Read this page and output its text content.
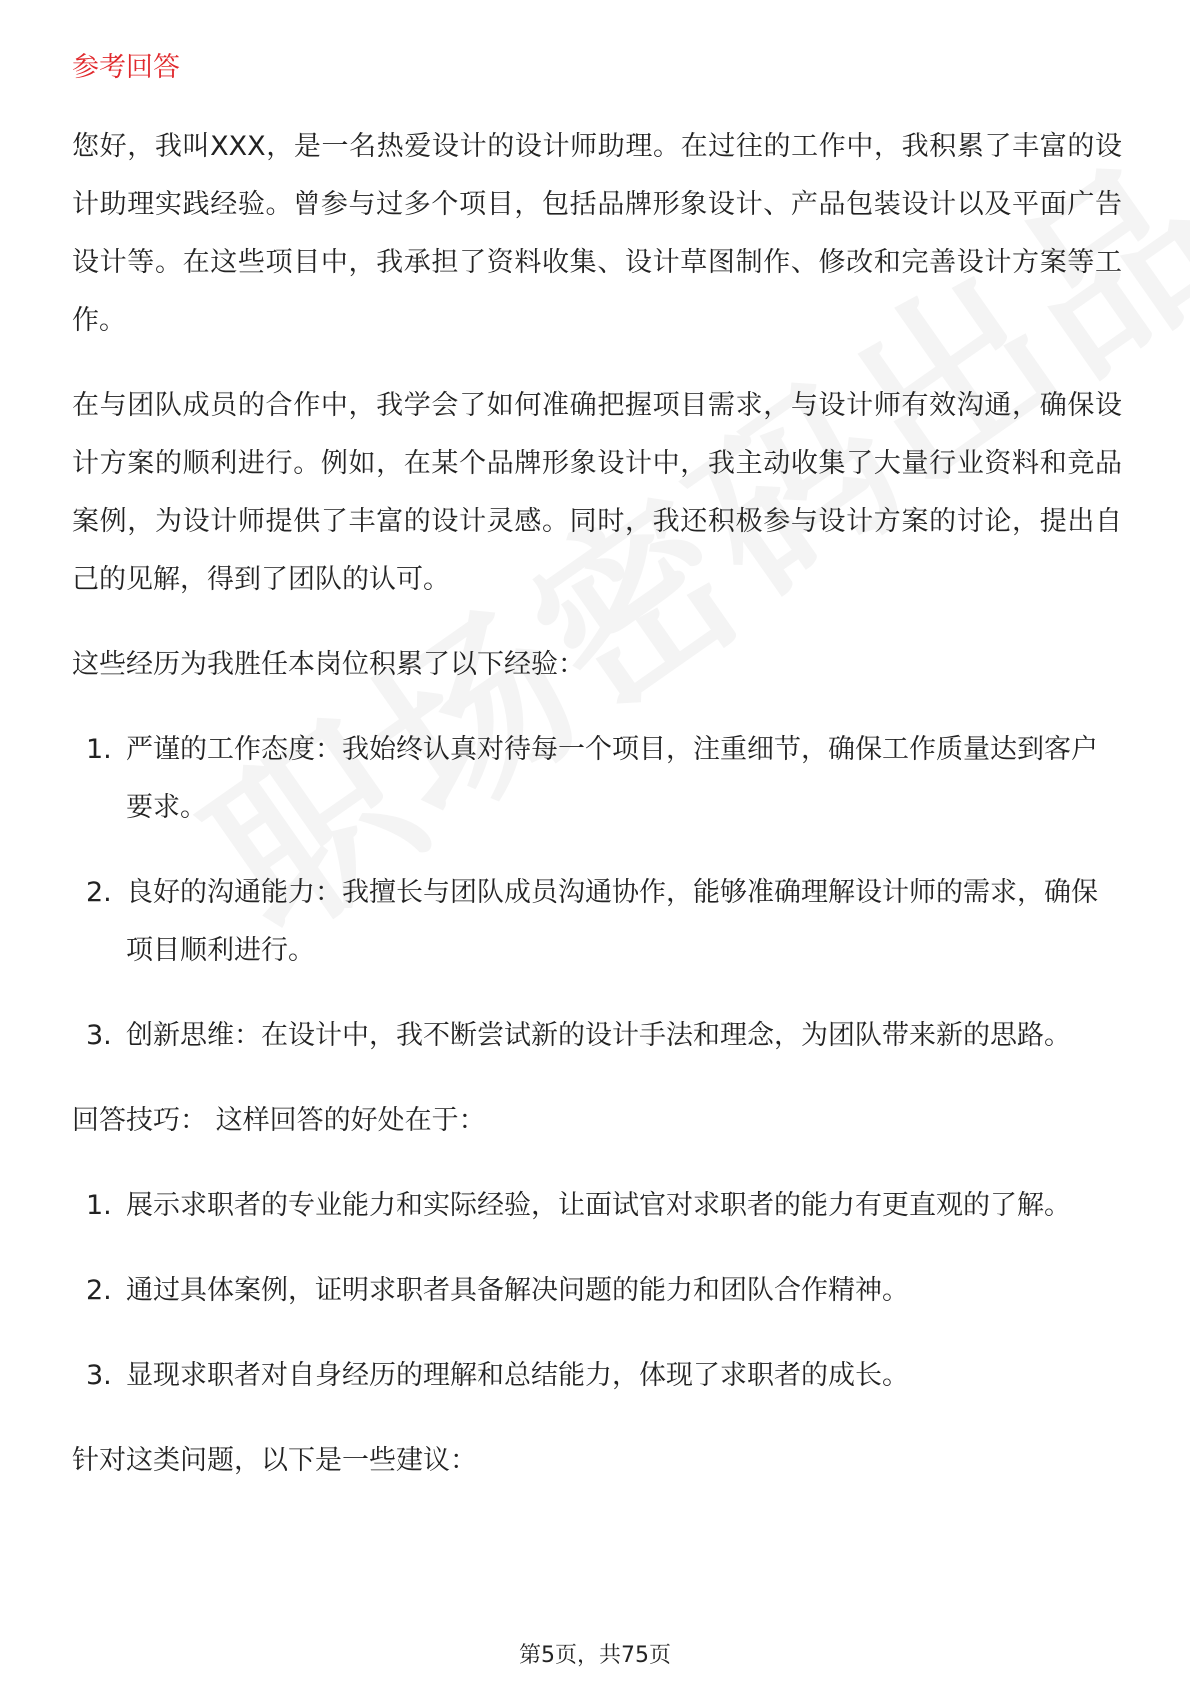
参考回答

您好，我叫XXX，是一名热爱设计的设计师助理。在过往的工作中，我积累了丰富的设计助理实践经验。曾参与过多个项目，包括品牌形象设计、产品包装设计以及平面广告设计等。在这些项目中，我承担了资料收集、设计草图制作、修改和完善设计方案等工作。

在与团队成员的合作中，我学会了如何准确把握项目需求，与设计师有效沟通，确保设计方案的顺利进行。例如，在某个品牌形象设计中，我主动收集了大量行业资料和竞品案例，为设计师提供了丰富的设计灵感。同时，我还积极参与设计方案的讨论，提出自己的见解，得到了团队的认可。

这些经历为我胜任本岗位积累了以下经验：

1. 严谨的工作态度：我始终认真对待每一个项目，注重细节，确保工作质量达到客户要求。
2. 良好的沟通能力：我擅长与团队成员沟通协作，能够准确理解设计师的需求，确保项目顺利进行。
3. 创新思维：在设计中，我不断尝试新的设计手法和理念，为团队带来新的思路。

回答技巧： 这样回答的好处在于：

1. 展示求职者的专业能力和实际经验，让面试官对求职者的能力有更直观的了解。
2. 通过具体案例，证明求职者具备解决问题的能力和团队合作精神。
3. 显现求职者对自身经历的理解和总结能力，体现了求职者的成长。

针对这类问题，以下是一些建议：

第5页，共75页
